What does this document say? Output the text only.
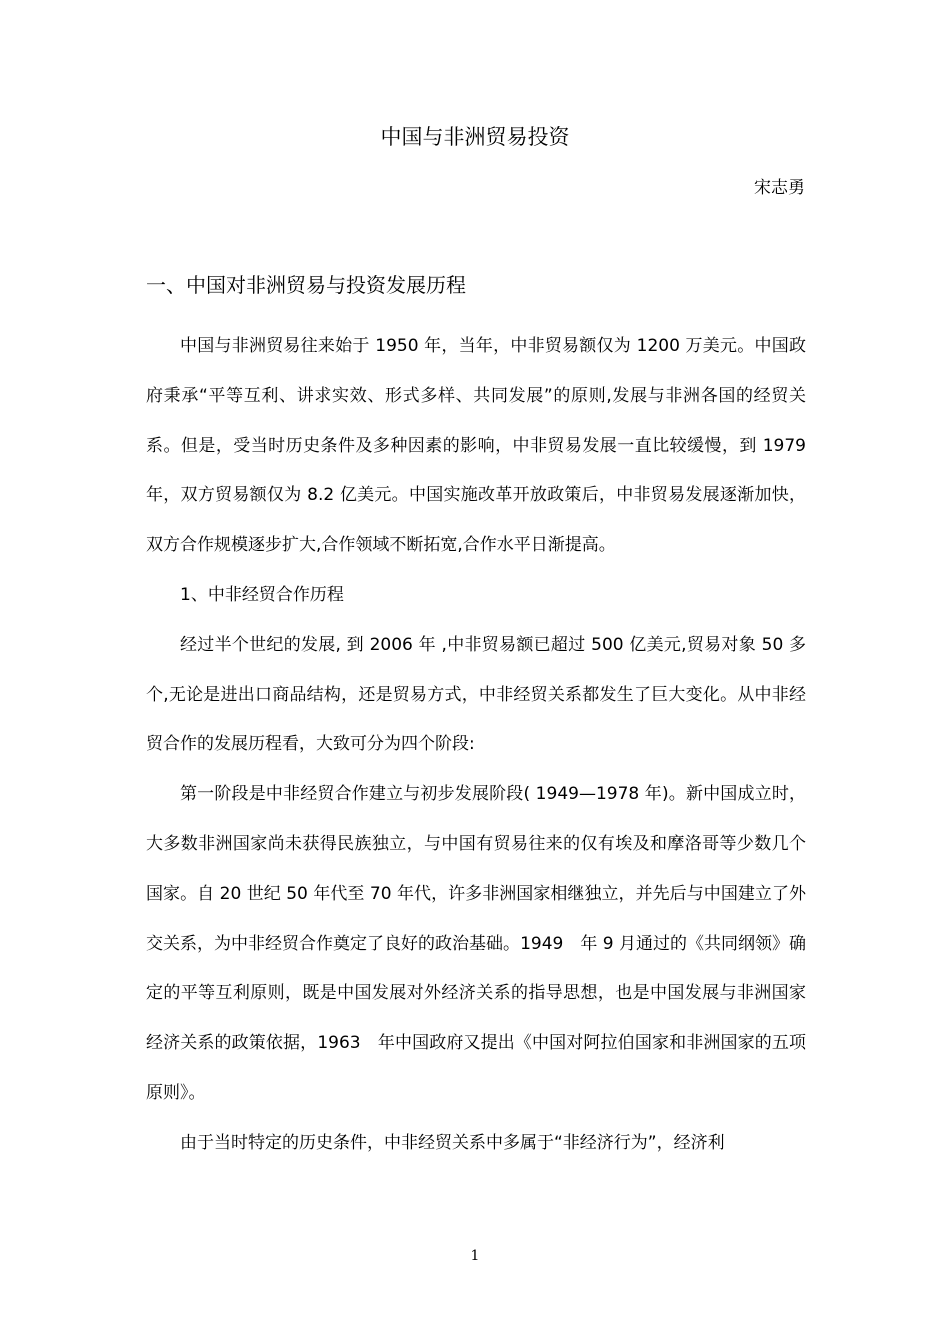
中国与非洲贸易投资
宋志勇
一、中国对非洲贸易与投资发展历程

中国与非洲贸易往来始于 1950 年，当年，中非贸易额仅为 1200 万美元。中国政府秉承“平等互利、讲求实效、形式多样、共同发展”的原则,发展与非洲各国的经贸关系。但是，受当时历史条件及多种因素的影响，中非贸易发展一直比较缓慢，到 1979 年，双方贸易额仅为 8.2 亿美元。中国实施改革开放政策后，中非贸易发展逐渐加快，双方合作规模逐步扩大,合作领域不断拓宽,合作水平日渐提高。

1、中非经贸合作历程

经过半个世纪的发展, 到 2006 年 ,中非贸易额已超过 500 亿美元,贸易对象 50 多个,无论是进出口商品结构，还是贸易方式，中非经贸关系都发生了巨大变化。从中非经贸合作的发展历程看，大致可分为四个阶段:

第一阶段是中非经贸合作建立与初步发展阶段( 1949—1978 年)。新中国成立时，大多数非洲国家尚未获得民族独立，与中国有贸易往来的仅有埃及和摩洛哥等少数几个国家。自 20 世纪 50 年代至 70 年代，许多非洲国家相继独立，并先后与中国建立了外交关系，为中非经贸合作奠定了良好的政治基础。1949　年 9 月通过的《共同纲领》确定的平等互利原则，既是中国发展对外经济关系的指导思想，也是中国发展与非洲国家经济关系的政策依据，1963　年中国政府又提出《中国对阿拉伯国家和非洲国家的五项原则》。

由于当时特定的历史条件，中非经贸关系中多属于“非经济行为”，经济利

1
